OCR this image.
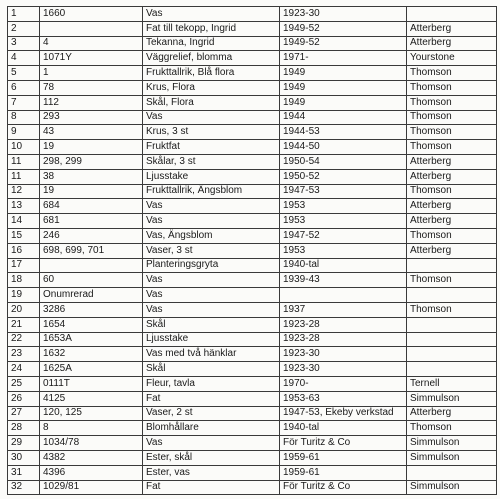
1	1660	Vas	1923-30	
2		Fat till tekopp, Ingrid	1949-52	Atterberg
3	4	Tekanna, Ingrid	1949-52	Atterberg
4	1071Y	Väggrelief, blomma	1971-	Yourstone
5	1	Frukttallrik, Blå flora	1949	Thomson
6	78	Krus, Flora	1949	Thomson
7	112	Skål, Flora	1949	Thomson
8	293	Vas	1944	Thomson
9	43	Krus, 3 st	1944-53	Thomson
10	19	Fruktfat	1944-50	Thomson
11	298, 299	Skålar, 3 st	1950-54	Atterberg
11	38	Ljusstake	1950-52	Atterberg
12	19	Frukttallrik, Ängsblom	1947-53	Thomson
13	684	Vas	1953	Atterberg
14	681	Vas	1953	Atterberg
15	246	Vas, Ängsblom	1947-52	Thomson
16	698, 699, 701	Vaser, 3 st	1953	Atterberg
17		Planteringsgryta	1940-tal	
18	60	Vas	1939-43	Thomson
19	Onumrerad	Vas		
20	3286	Vas	1937	Thomson
21	1654	Skål	1923-28	
22	1653A	Ljusstake	1923-28	
23	1632	Vas med två hänklar	1923-30	
24	1625A	Skål	1923-30	
25	0111T	Fleur, tavla	1970-	Ternell
26	4125	Fat	1953-63	Simmulson
27	120, 125	Vaser, 2 st	1947-53, Ekeby verkstad	Atterberg
28	8	Blomhållare	1940-tal	Thomson
29	1034/78	Vas	För Turitz & Co	Simmulson
30	4382	Ester, skål	1959-61	Simmulson
31	4396	Ester, vas	1959-61	
32	1029/81	Fat	För Turitz & Co	Simmulson
